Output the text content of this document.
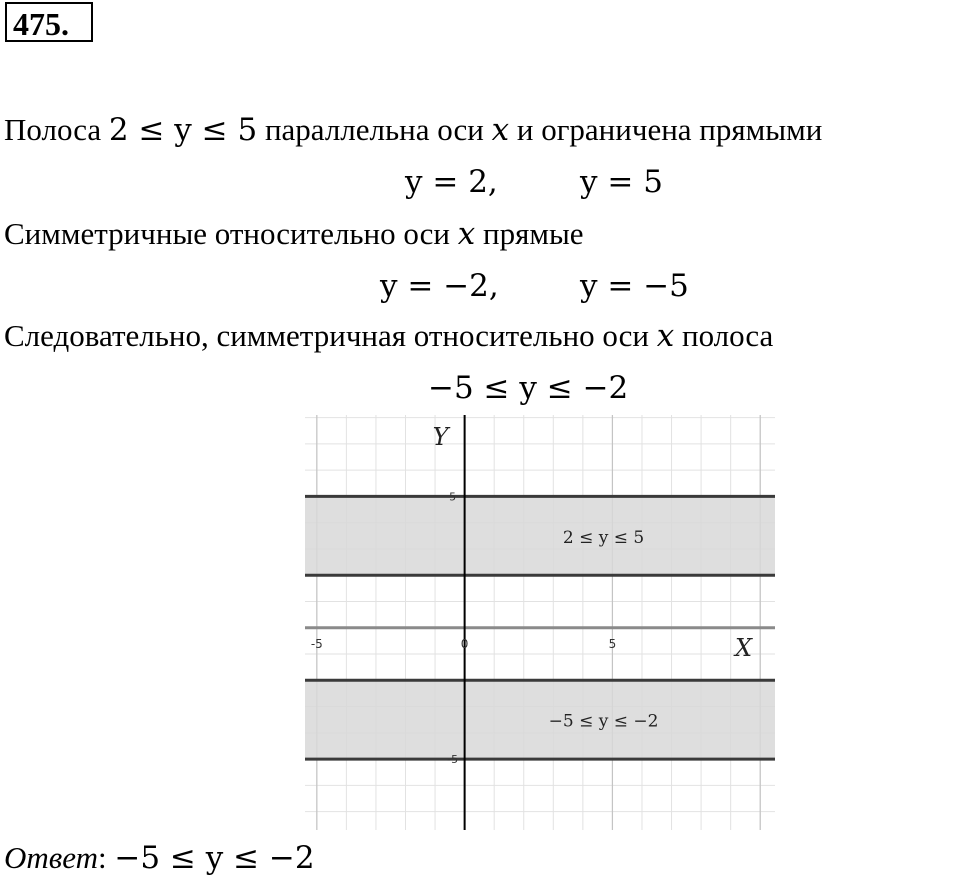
475.
Полоса 2 ≤ y ≤ 5 параллельна оси x и ограничена прямыми
y = 2,	y = 5
Симметричные относительно оси x прямые
y = −2,	y = −5
Следовательно, симметричная относительно оси x полоса
−5 ≤ y ≤ −2
2 ≤ y ≤ 5
−5 ≤ y ≤ −2
X
Y
-5	0	5
5
-5
Ответ: −5 ≤ y ≤ −2
